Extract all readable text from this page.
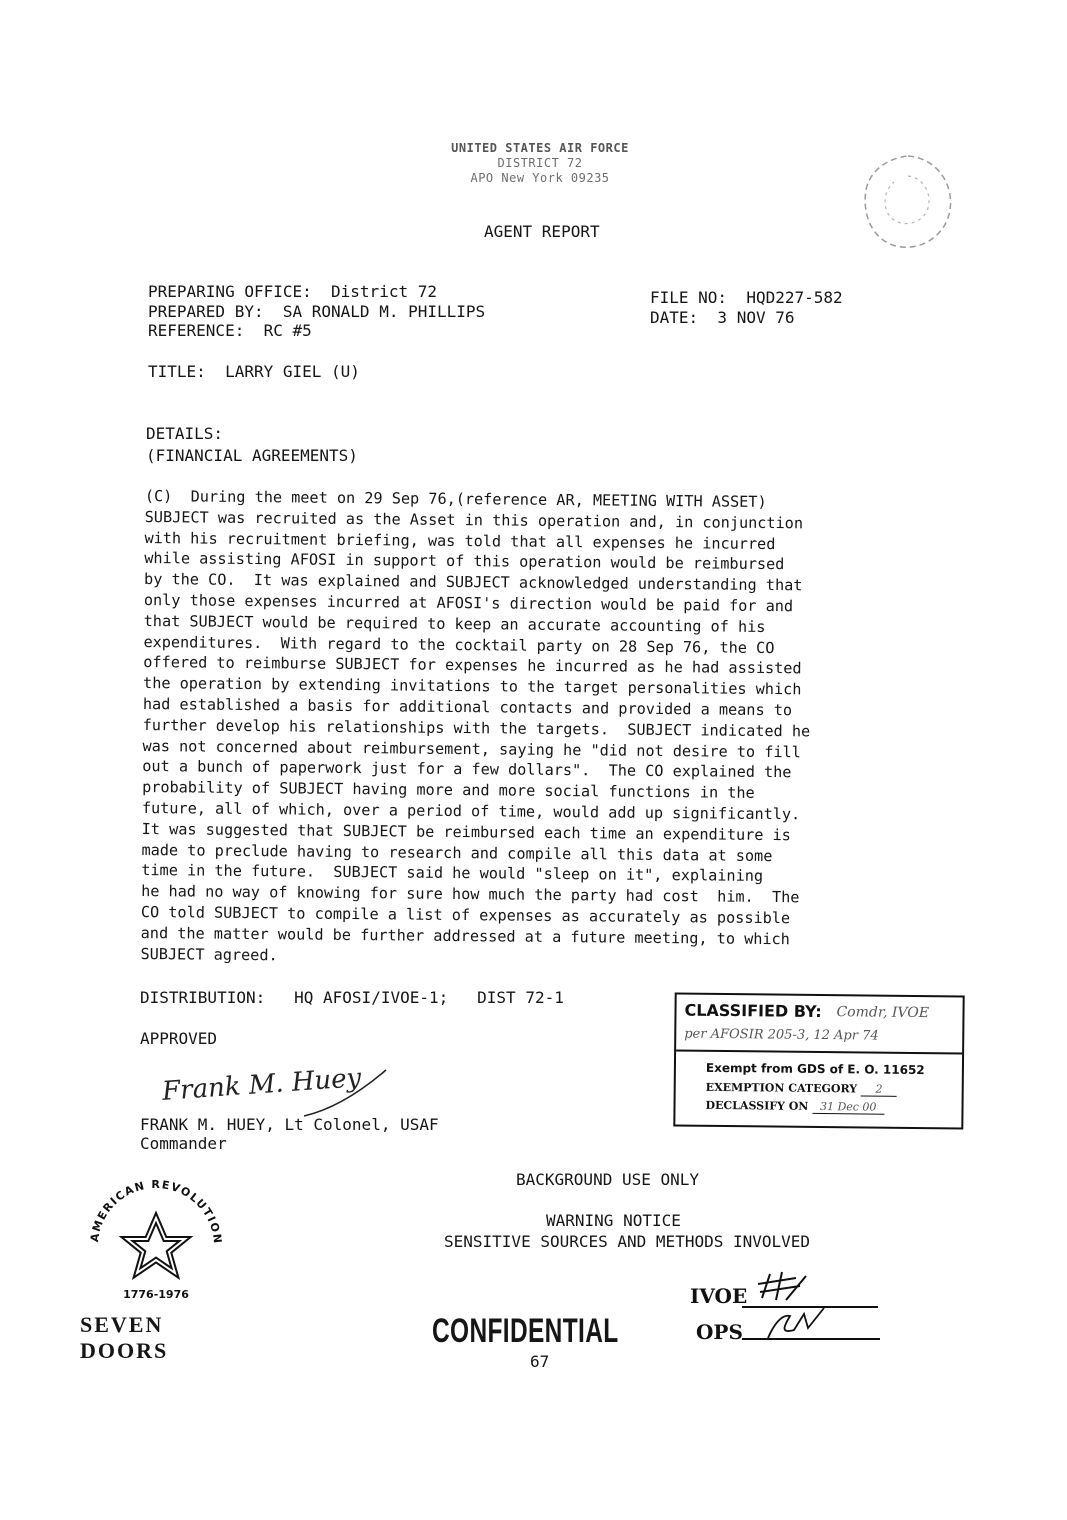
UNITED STATES AIR FORCE
DISTRICT 72
APO New York 09235
AGENT REPORT
PREPARING OFFICE:  District 72
PREPARED BY:  SA RONALD M. PHILLIPS
REFERENCE:  RC #5
FILE NO:  HQD227-582
DATE:  3 NOV 76
TITLE:  LARRY GIEL (U)
DETAILS:
(FINANCIAL AGREEMENTS)
(C)  During the meet on 29 Sep 76,(reference AR, MEETING WITH ASSET)
SUBJECT was recruited as the Asset in this operation and, in conjunction
with his recruitment briefing, was told that all expenses he incurred
while assisting AFOSI in support of this operation would be reimbursed
by the CO.  It was explained and SUBJECT acknowledged understanding that
only those expenses incurred at AFOSI's direction would be paid for and
that SUBJECT would be required to keep an accurate accounting of his
expenditures.  With regard to the cocktail party on 28 Sep 76, the CO
offered to reimburse SUBJECT for expenses he incurred as he had assisted
the operation by extending invitations to the target personalities which
had established a basis for additional contacts and provided a means to
further develop his relationships with the targets.  SUBJECT indicated he
was not concerned about reimbursement, saying he "did not desire to fill
out a bunch of paperwork just for a few dollars".  The CO explained the
probability of SUBJECT having more and more social functions in the
future, all of which, over a period of time, would add up significantly.
It was suggested that SUBJECT be reimbursed each time an expenditure is
made to preclude having to research and compile all this data at some
time in the future.  SUBJECT said he would "sleep on it", explaining
he had no way of knowing for sure how much the party had cost  him.  The
CO told SUBJECT to compile a list of expenses as accurately as possible
and the matter would be further addressed at a future meeting, to which
SUBJECT agreed.
DISTRIBUTION:   HQ AFOSI/IVOE-1;   DIST 72-1
APPROVED
Frank M. Huey
FRANK M. HUEY, Lt Colonel, USAF
Commander
CLASSIFIED BY: Comdr, IVOE
per AFOSIR 205-3, 12 Apr 74
Exempt from GDS of E. O. 11652
EXEMPTION CATEGORY 2
DECLASSIFY ON 31 Dec 00
BACKGROUND USE ONLY
WARNING NOTICE
SENSITIVE SOURCES AND METHODS INVOLVED
AMERICAN REVOLUTION
1776-1976
SEVEN DOORS
CONFIDENTIAL
67
IVOE
OPS
